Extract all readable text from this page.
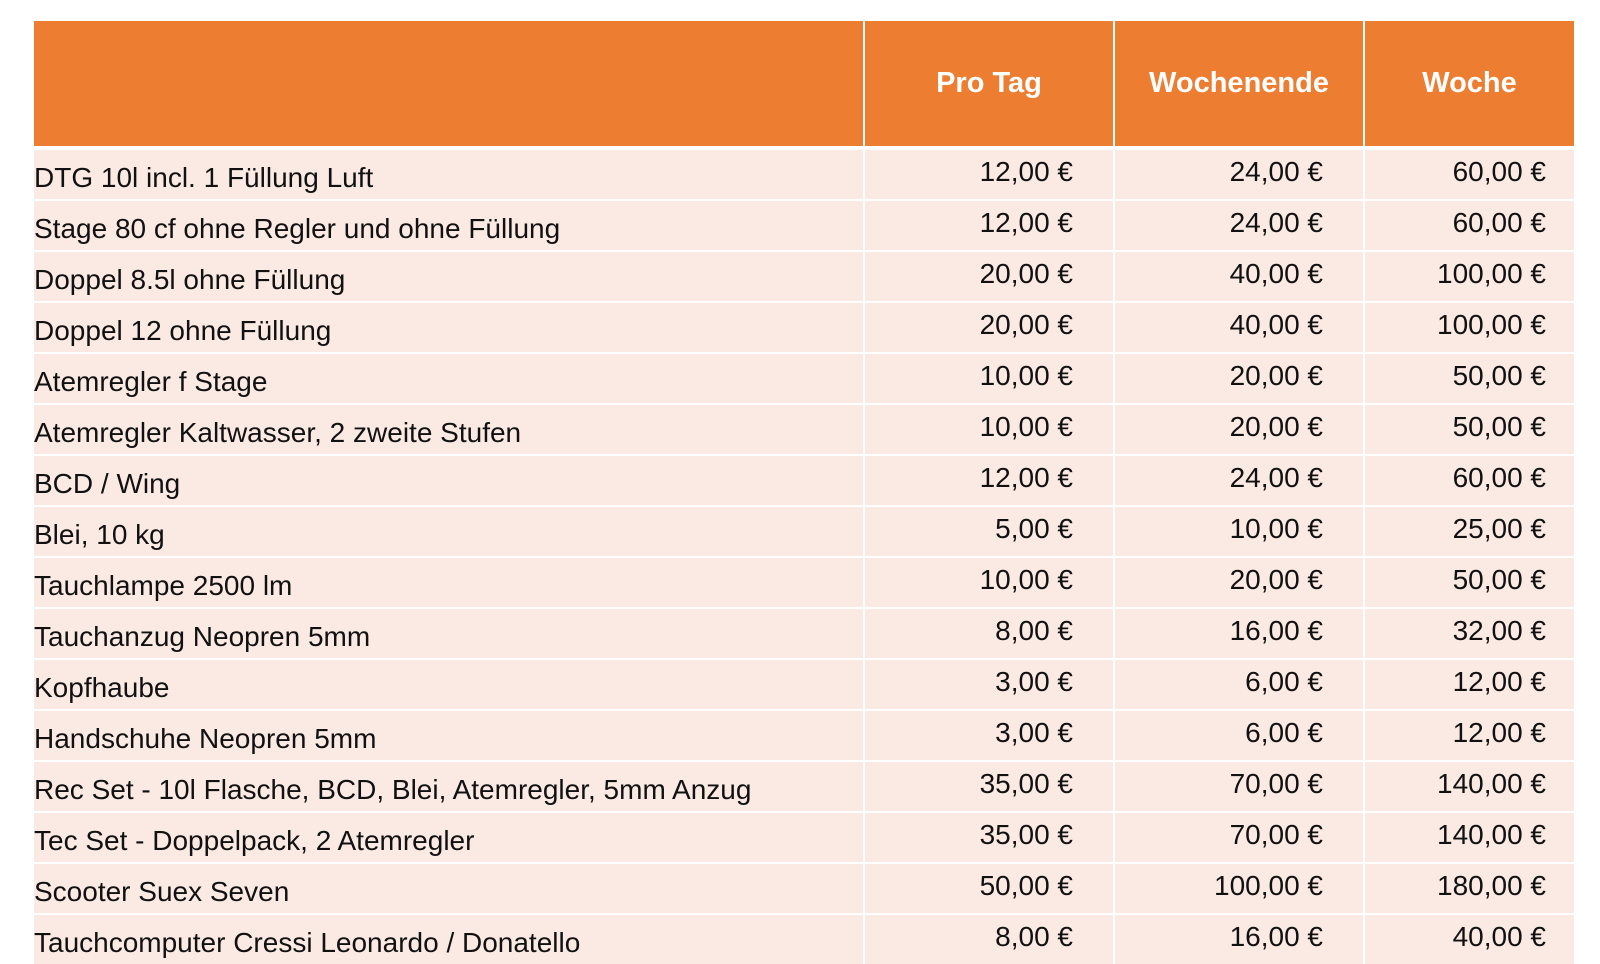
	Pro Tag	Wochenende	Woche
DTG 10l incl. 1 Füllung Luft	12,00 €	24,00 €	60,00 €
Stage 80 cf ohne Regler und ohne Füllung	12,00 €	24,00 €	60,00 €
Doppel 8.5l ohne Füllung	20,00 €	40,00 €	100,00 €
Doppel 12 ohne Füllung	20,00 €	40,00 €	100,00 €
Atemregler f Stage	10,00 €	20,00 €	50,00 €
Atemregler Kaltwasser, 2 zweite Stufen	10,00 €	20,00 €	50,00 €
BCD / Wing	12,00 €	24,00 €	60,00 €
Blei, 10 kg	5,00 €	10,00 €	25,00 €
Tauchlampe 2500 lm	10,00 €	20,00 €	50,00 €
Tauchanzug Neopren 5mm	8,00 €	16,00 €	32,00 €
Kopfhaube	3,00 €	6,00 €	12,00 €
Handschuhe Neopren 5mm	3,00 €	6,00 €	12,00 €
Rec Set - 10l Flasche, BCD, Blei, Atemregler, 5mm Anzug	35,00 €	70,00 €	140,00 €
Tec Set - Doppelpack, 2 Atemregler	35,00 €	70,00 €	140,00 €
Scooter Suex Seven	50,00 €	100,00 €	180,00 €
Tauchcomputer Cressi Leonardo / Donatello	8,00 €	16,00 €	40,00 €
